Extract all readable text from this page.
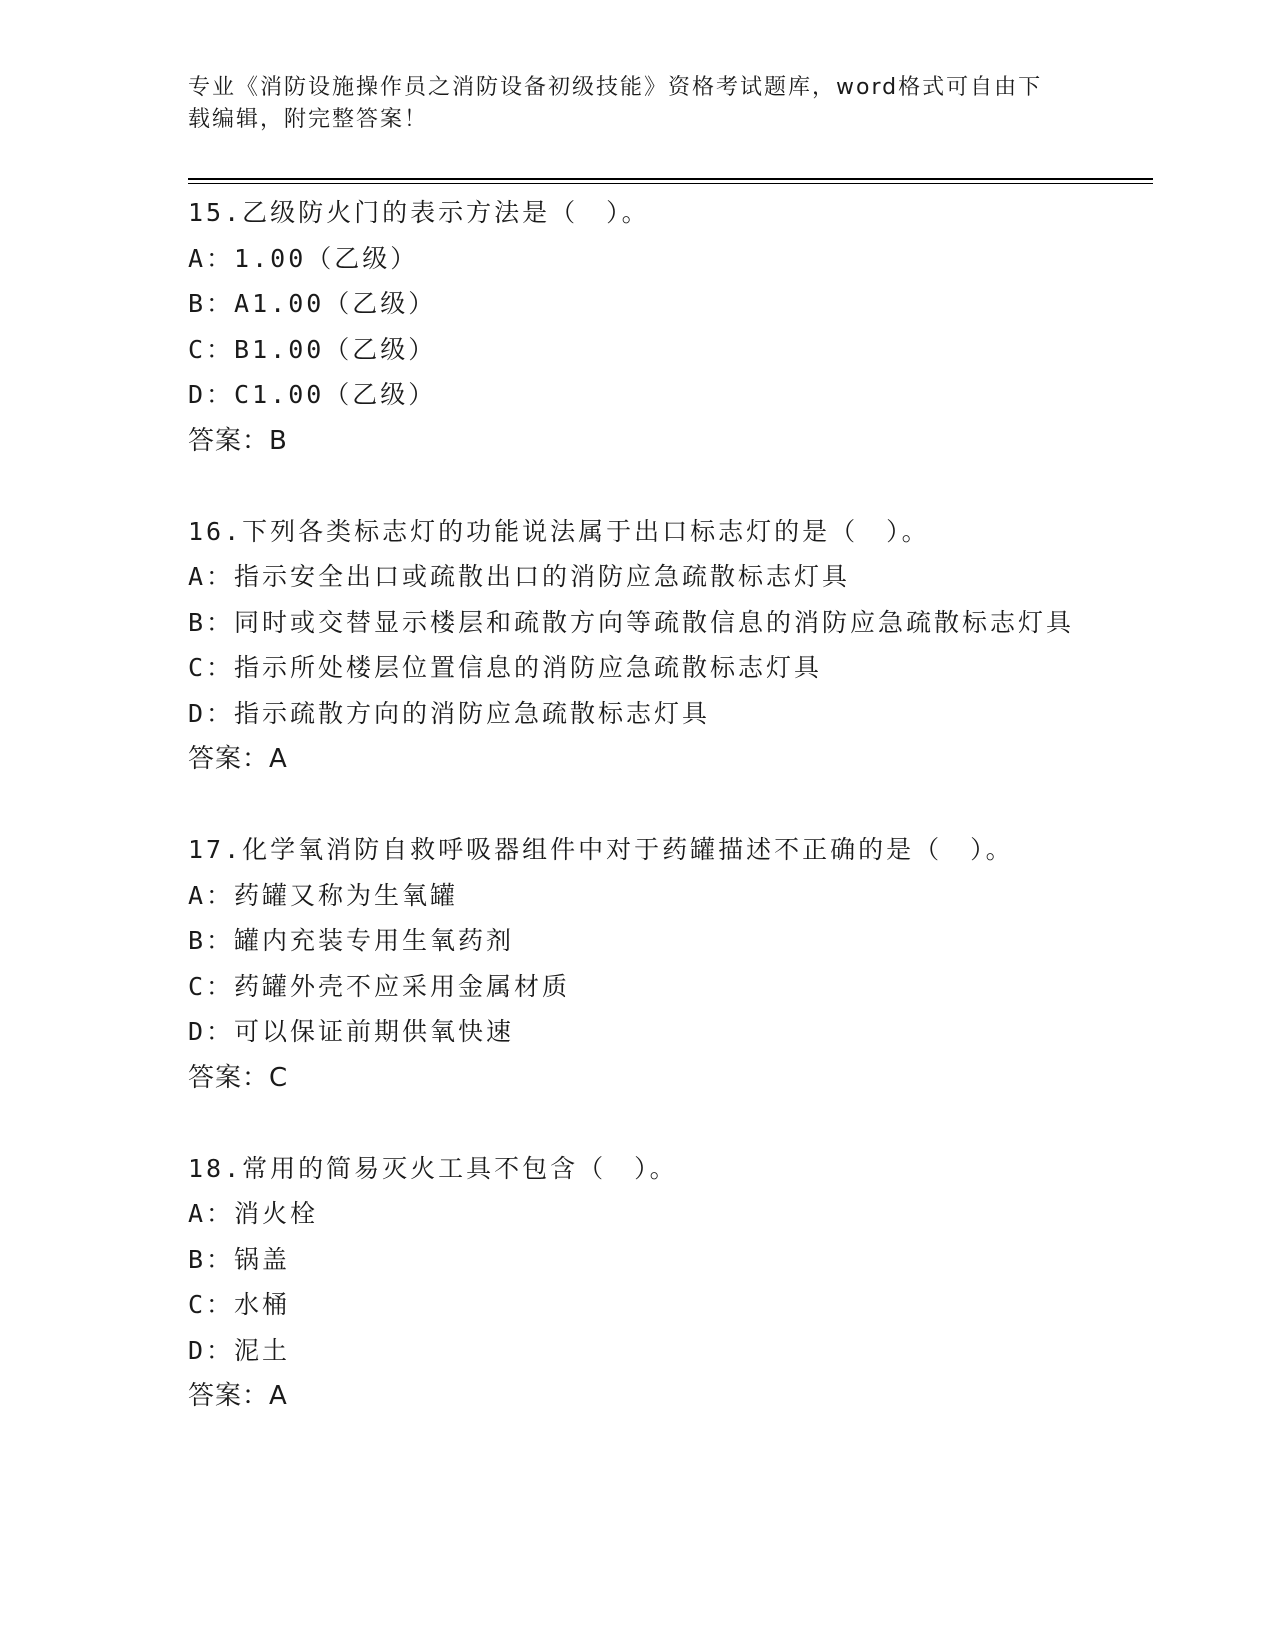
专业《消防设施操作员之消防设备初级技能》资格考试题库，word格式可自由下
载编辑，附完整答案！
15.乙级防火门的表示方法是（　）。
A：1.00（乙级）
B：A1.00（乙级）
C：B1.00（乙级）
D：C1.00（乙级）
答案：B
16.下列各类标志灯的功能说法属于出口标志灯的是（　）。
A：指示安全出口或疏散出口的消防应急疏散标志灯具
B：同时或交替显示楼层和疏散方向等疏散信息的消防应急疏散标志灯具
C：指示所处楼层位置信息的消防应急疏散标志灯具
D：指示疏散方向的消防应急疏散标志灯具
答案：A
17.化学氧消防自救呼吸器组件中对于药罐描述不正确的是（　）。
A：药罐又称为生氧罐
B：罐内充装专用生氧药剂
C：药罐外壳不应采用金属材质
D：可以保证前期供氧快速
答案：C
18.常用的简易灭火工具不包含（　）。
A：消火栓
B：锅盖
C：水桶
D：泥土
答案：A
